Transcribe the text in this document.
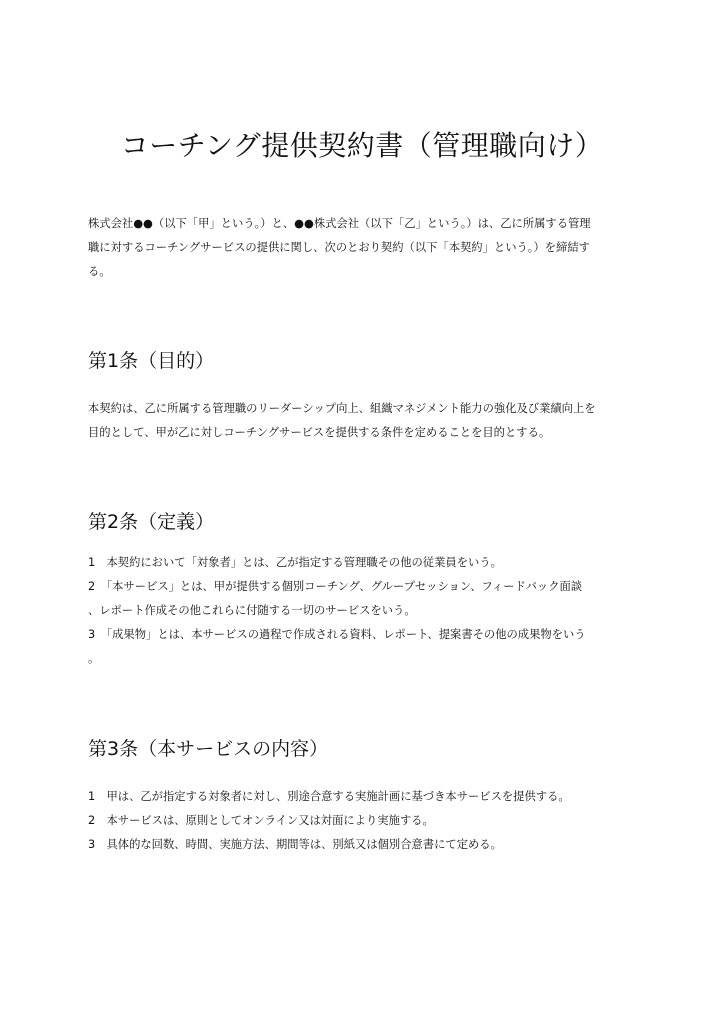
コーチング提供契約書（管理職向け）

株式会社●●（以下「甲」という。）と、●●株式会社（以下「乙」という。）は、乙に所属する管理
職に対するコーチングサービスの提供に関し、次のとおり契約（以下「本契約」という。）を締結す
る。

第1条（目的）

本契約は、乙に所属する管理職のリーダーシップ向上、組織マネジメント能力の強化及び業績向上を
目的として、甲が乙に対しコーチングサービスを提供する条件を定めることを目的とする。

第2条（定義）

1　本契約において「対象者」とは、乙が指定する管理職その他の従業員をいう。
2　「本サービス」とは、甲が提供する個別コーチング、グループセッション、フィードバック面談
、レポート作成その他これらに付随する一切のサービスをいう。
3　「成果物」とは、本サービスの過程で作成される資料、レポート、提案書その他の成果物をいう
。

第3条（本サービスの内容）

1　甲は、乙が指定する対象者に対し、別途合意する実施計画に基づき本サービスを提供する。
2　本サービスは、原則としてオンライン又は対面により実施する。
3　具体的な回数、時間、実施方法、期間等は、別紙又は個別合意書にて定める。
